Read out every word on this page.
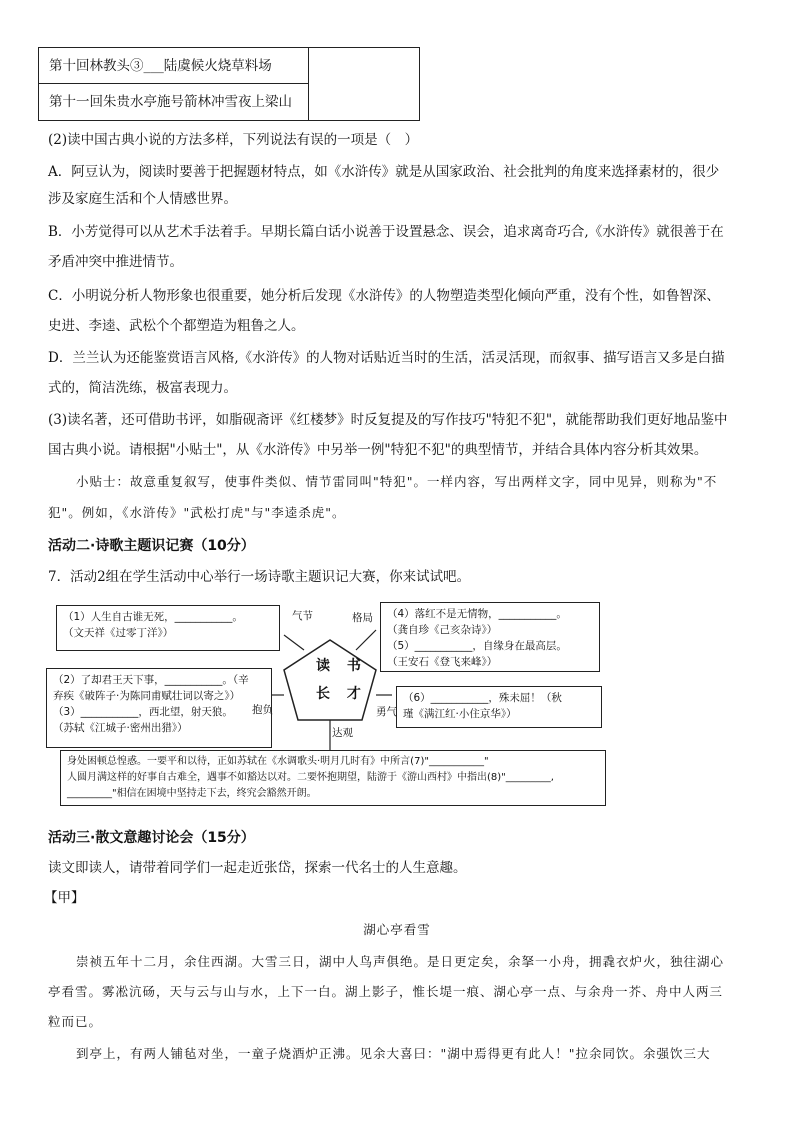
第十回林教头③___陆虞候火烧草料场
第十一回朱贵水亭施号箭林冲雪夜上梁山
(2)读中国古典小说的方法多样，下列说法有误的一项是（　）
A．阿豆认为，阅读时要善于把握题材特点，如《水浒传》就是从国家政治、社会批判的角度来选择素材的，很少
涉及家庭生活和个人情感世界。
B．小芳觉得可以从艺术手法着手。早期长篇白话小说善于设置悬念、误会，追求离奇巧合,《水浒传》就很善于在
矛盾冲突中推进情节。
C．小明说分析人物形象也很重要，她分析后发现《水浒传》的人物塑造类型化倾向严重，没有个性，如鲁智深、
史进、李逵、武松个个都塑造为粗鲁之人。
D．兰兰认为还能鉴赏语言风格,《水浒传》的人物对话贴近当时的生活，活灵活现，而叙事、描写语言又多是白描
式的，简洁洗练，极富表现力。
(3)读名著，还可借助书评，如脂砚斋评《红楼梦》时反复提及的写作技巧"特犯不犯"，就能帮助我们更好地品鉴中
国古典小说。请根据"小贴士"，从《水浒传》中另举一例"特犯不犯"的典型情节，并结合具体内容分析其效果。
小贴士：故意重复叙写，使事件类似、情节雷同叫"特犯"。一样内容，写出两样文字，同中见异，则称为"不
犯"。例如，《水浒传》"武松打虎"与"李逵杀虎"。
活动二·诗歌主题识记赛（10分）
7．活动2组在学生活动中心举行一场诗歌主题识记大赛，你来试试吧。
读 书
长 才
气节	格局
抱负	勇气
达观
（1）人生自古谁无死，___________。
（文天祥《过零丁洋》）
（2）了却君王天下事，___________。（辛
弃疾《破阵子·为陈同甫赋壮词以寄之》）
（3）___________，西北望，射天狼。
（苏轼《江城子·密州出猎》）
（4）落红不是无情物，___________。
（龚自珍《己亥杂诗》）
（5）___________，自缘身在最高层。
（王安石《登飞来峰》）
（6）___________，殊未屈！（秋
瑾《满江红·小住京华》）
身处困顿总惶惑。一要平和以待，正如苏轼在《水调歌头·明月几时有》中所言(7)"___________"
人圆月满这样的好事自古难全，遇事不如豁达以对。二要怀抱期望，陆游于《游山西村》中指出(8)"_________,
_________"相信在困境中坚持走下去，终究会豁然开朗。
活动三·散文意趣讨论会（15分）
读文即读人，请带着同学们一起走近张岱，探索一代名士的人生意趣。
【甲】
湖心亭看雪
崇祯五年十二月，余住西湖。大雪三日，湖中人鸟声俱绝。是日更定矣，余拏一小舟，拥毳衣炉火，独往湖心
亭看雪。雾凇沆砀，天与云与山与水，上下一白。湖上影子，惟长堤一痕、湖心亭一点、与余舟一芥、舟中人两三
粒而已。
到亭上，有两人铺毡对坐，一童子烧酒炉正沸。见余大喜曰："湖中焉得更有此人！"拉余同饮。余强饮三大
